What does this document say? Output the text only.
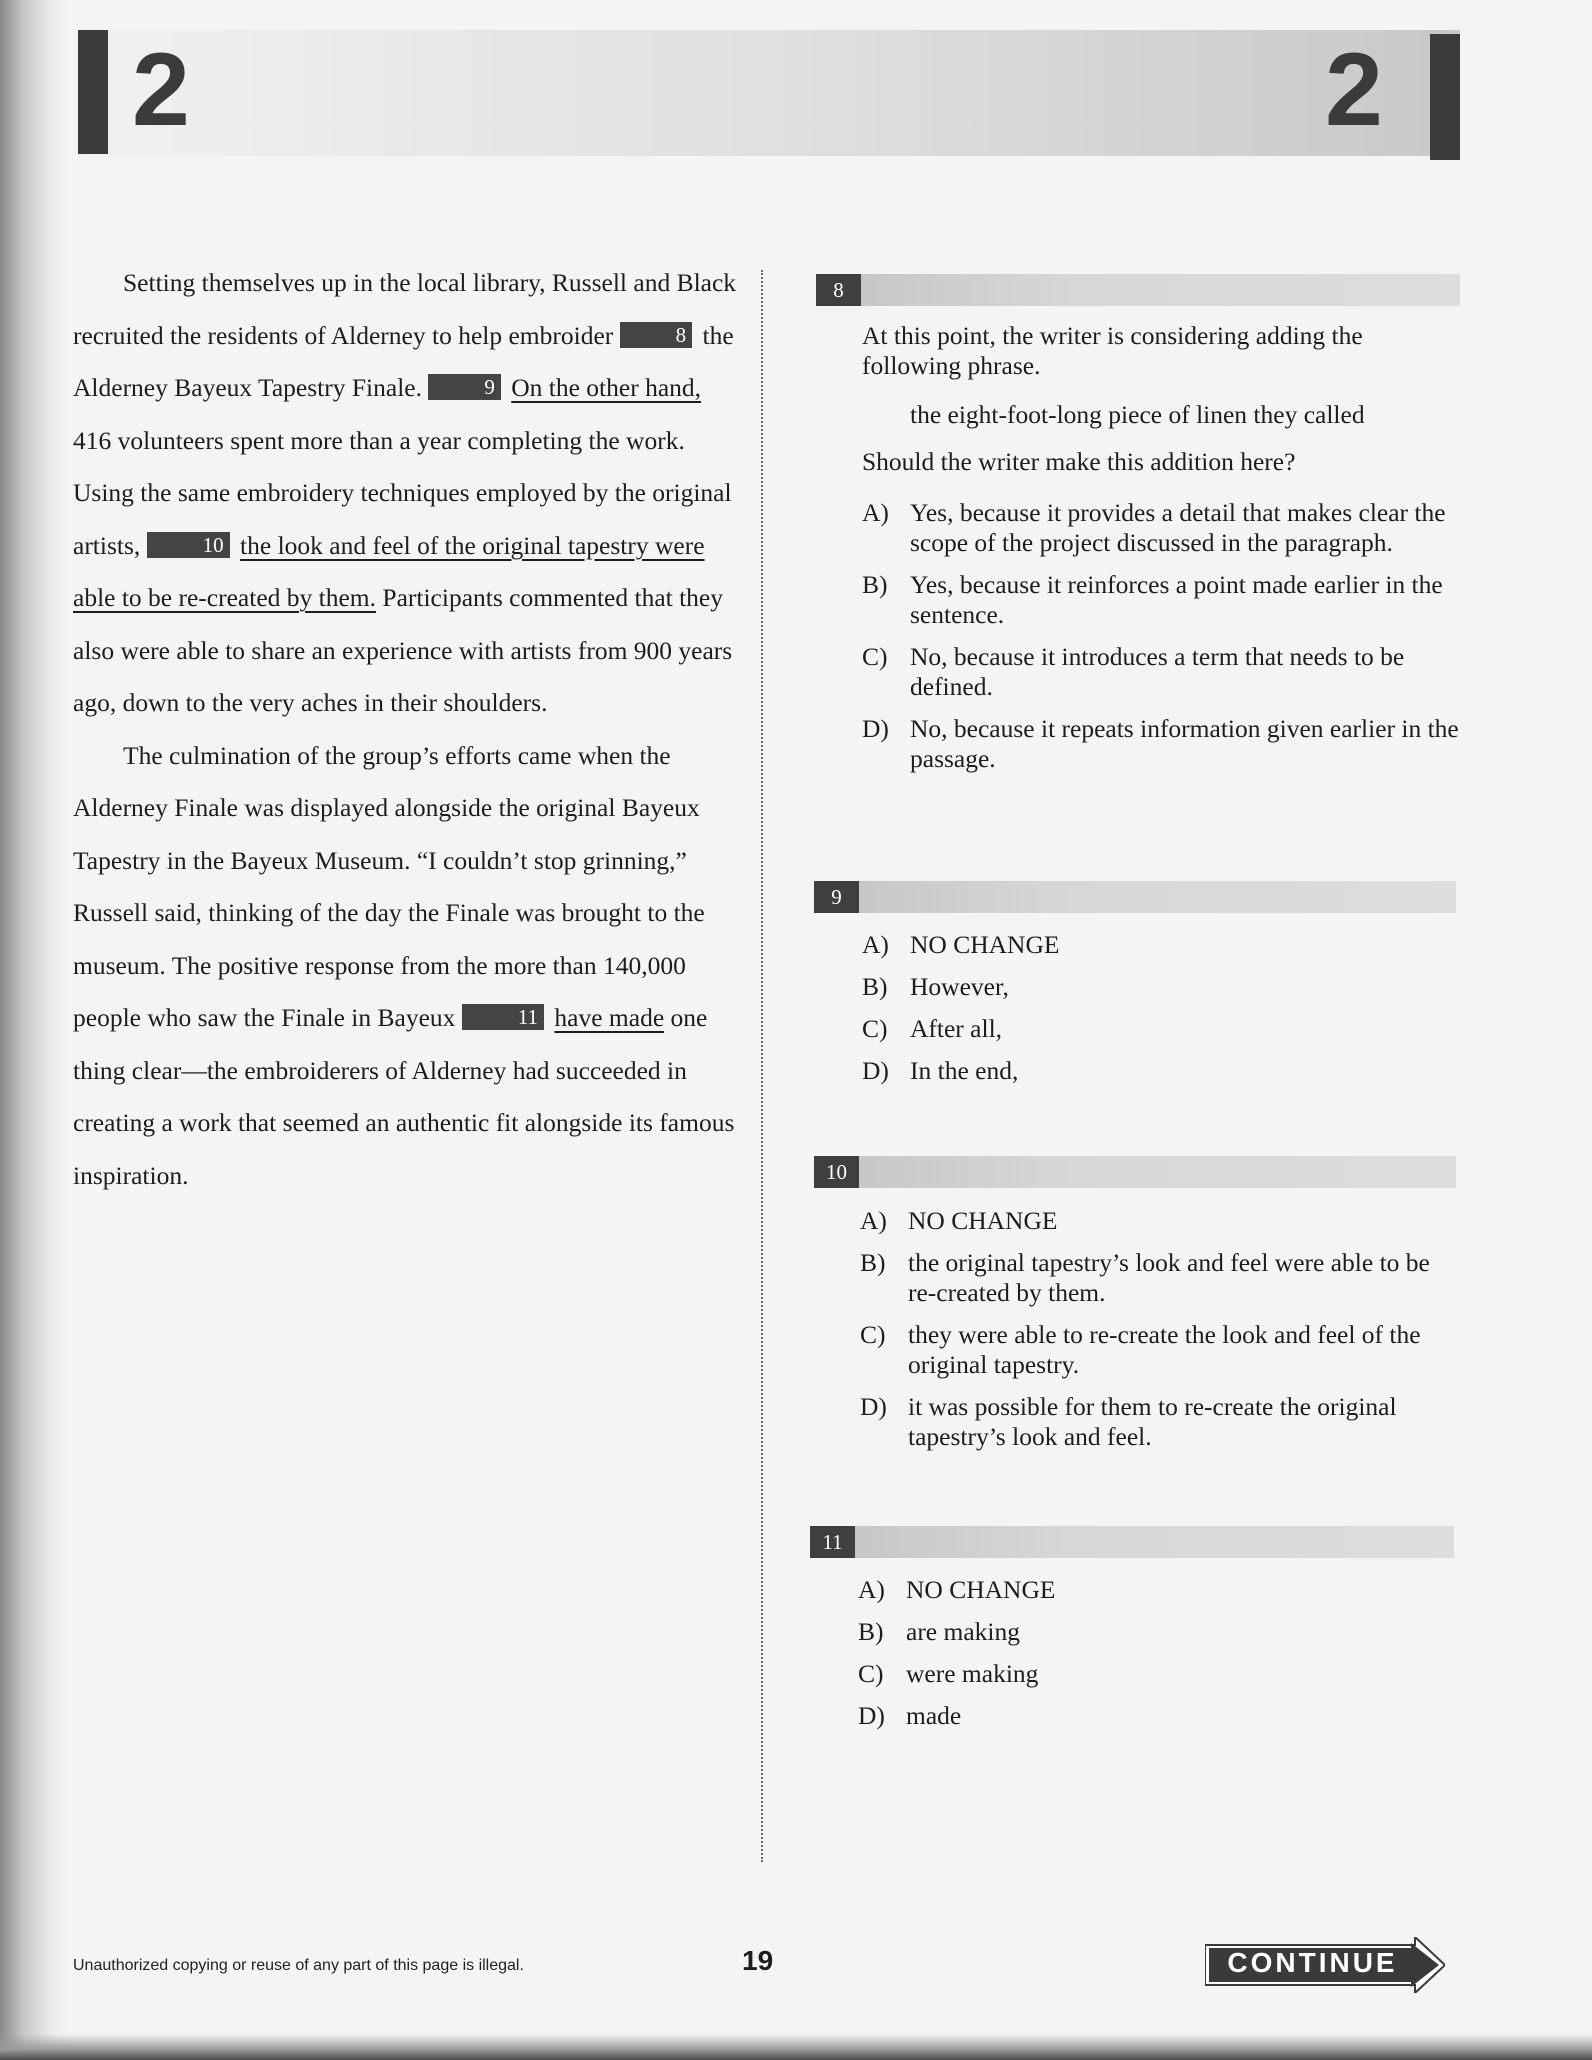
2	2

Setting themselves up in the local library, Russell and Black recruited the residents of Alderney to help embroider	8 the Alderney Bayeux Tapestry Finale.	9 On the other hand, 416 volunteers spent more than a year completing the work. Using the same embroidery techniques employed by the original artists,	10 the look and feel of the original tapestry were able to be re-created by them. Participants commented that they also were able to share an experience with artists from 900 years ago, down to the very aches in their shoulders.

The culmination of the group’s efforts came when the Alderney Finale was displayed alongside the original Bayeux Tapestry in the Bayeux Museum. “I couldn’t stop grinning,” Russell said, thinking of the day the Finale was brought to the museum. The positive response from the more than 140,000 people who saw the Finale in Bayeux	11 have made one thing clear—the embroiderers of Alderney had succeeded in creating a work that seemed an authentic fit alongside its famous inspiration.

8
At this point, the writer is considering adding the following phrase.
the eight-foot-long piece of linen they called
Should the writer make this addition here?
A) Yes, because it provides a detail that makes clear the scope of the project discussed in the paragraph.
B) Yes, because it reinforces a point made earlier in the sentence.
C) No, because it introduces a term that needs to be defined.
D) No, because it repeats information given earlier in the passage.
9
A) NO CHANGE
B) However,
C) After all,
D) In the end,
10
A) NO CHANGE
B) the original tapestry’s look and feel were able to be re-created by them.
C) they were able to re-create the look and feel of the original tapestry.
D) it was possible for them to re-create the original tapestry’s look and feel.
11
A) NO CHANGE
B) are making
C) were making
D) made
Unauthorized copying or reuse of any part of this page is illegal.	19	CONTINUE
